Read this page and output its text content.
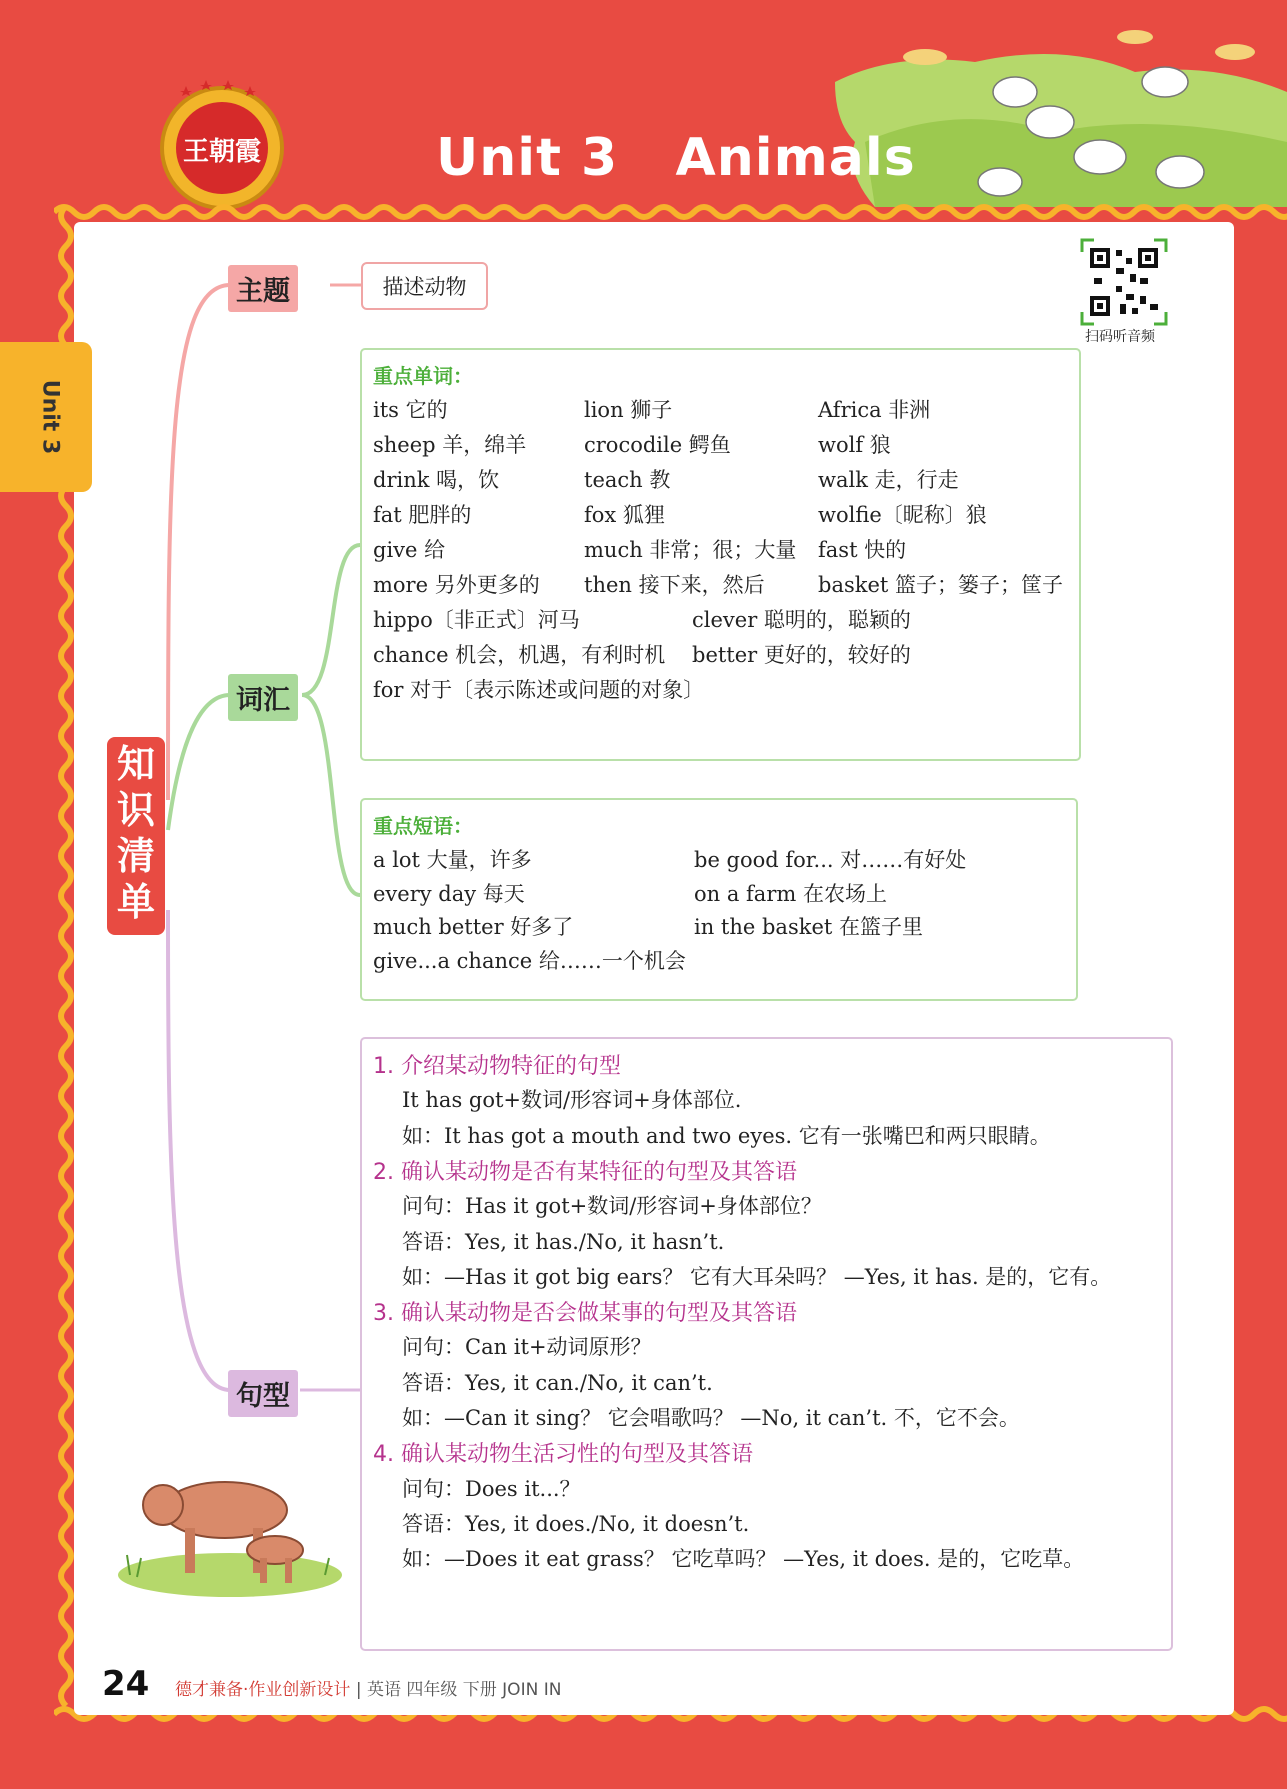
王朝霞	Unit 3   Animals
Unit 3
扫码听音频
知识清单
主题	描述动物
词汇
重点单词：
its 它的	lion 狮子	Africa 非洲
sheep 羊，绵羊	crocodile 鳄鱼	wolf 狼
drink 喝，饮	teach 教	walk 走，行走
fat 肥胖的	fox 狐狸	wolfie〔昵称〕狼
give 给	much 非常；很；大量 fast 快的
more 另外更多的 then 接下来，然后	basket 篮子；篓子；筐子
hippo〔非正式〕河马	clever 聪明的，聪颖的
chance 机会，机遇，有利时机 better 更好的，较好的
for 对于〔表示陈述或问题的对象〕
重点短语：
a lot 大量，许多	be good for... 对……有好处
every day 每天	on a farm 在农场上
much better 好多了	in the basket 在篮子里
give...a chance 给……一个机会
句型
1. 介绍某动物特征的句型
It has got+数词/形容词+身体部位.
如：It has got a mouth and two eyes. 它有一张嘴巴和两只眼睛。
2. 确认某动物是否有某特征的句型及其答语
问句：Has it got+数词/形容词+身体部位？
答语：Yes, it has./No, it hasn’t.
如：—Has it got big ears？ 它有大耳朵吗？ —Yes, it has. 是的，它有。
3. 确认某动物是否会做某事的句型及其答语
问句：Can it+动词原形？
答语：Yes, it can./No, it can’t.
如：—Can it sing？ 它会唱歌吗？ —No, it can’t. 不，它不会。
4. 确认某动物生活习性的句型及其答语
问句：Does it...？
答语：Yes, it does./No, it doesn’t.
如：—Does it eat grass？ 它吃草吗？ —Yes, it does. 是的，它吃草。
24 德才兼备·作业创新设计 | 英语 四年级 下册 JOIN IN
